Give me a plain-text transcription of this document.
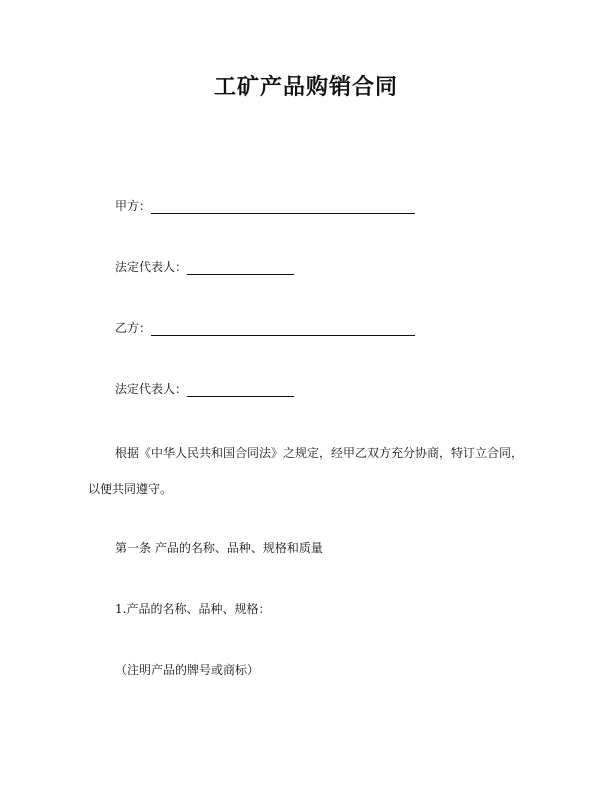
工矿产品购销合同
甲方：
法定代表人：
乙方：
法定代表人：
根据《中华人民共和国合同法》之规定，经甲乙双方充分协商，特订立合同，以便共同遵守。
第一条 产品的名称、品种、规格和质量
1.产品的名称、品种、规格：
（注明产品的牌号或商标）
